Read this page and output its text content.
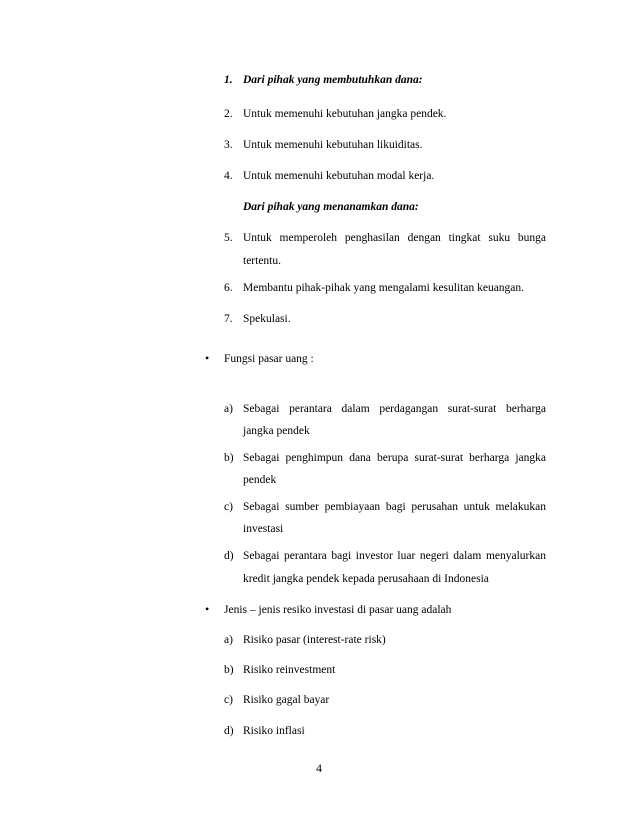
1. Dari pihak yang membutuhkan dana:
2. Untuk memenuhi kebutuhan jangka pendek.
3. Untuk memenuhi kebutuhan likuiditas.
4. Untuk memenuhi kebutuhan modal kerja.
Dari pihak yang menanamkan dana:
5. Untuk memperoleh penghasilan dengan tingkat suku bunga
tertentu.
6. Membantu pihak-pihak yang mengalami kesulitan keuangan.
7. Spekulasi.
• Fungsi pasar uang :
a) Sebagai perantara dalam perdagangan surat-surat berharga
jangka pendek
b) Sebagai penghimpun dana berupa surat-surat berharga jangka
pendek
c) Sebagai sumber pembiayaan bagi perusahan untuk melakukan
investasi
d) Sebagai perantara bagi investor luar negeri dalam menyalurkan
kredit jangka pendek kepada perusahaan di Indonesia
• Jenis – jenis resiko investasi di pasar uang adalah
a) Risiko pasar (interest-rate risk)
b) Risiko reinvestment
c) Risiko gagal bayar
d) Risiko inflasi
4
